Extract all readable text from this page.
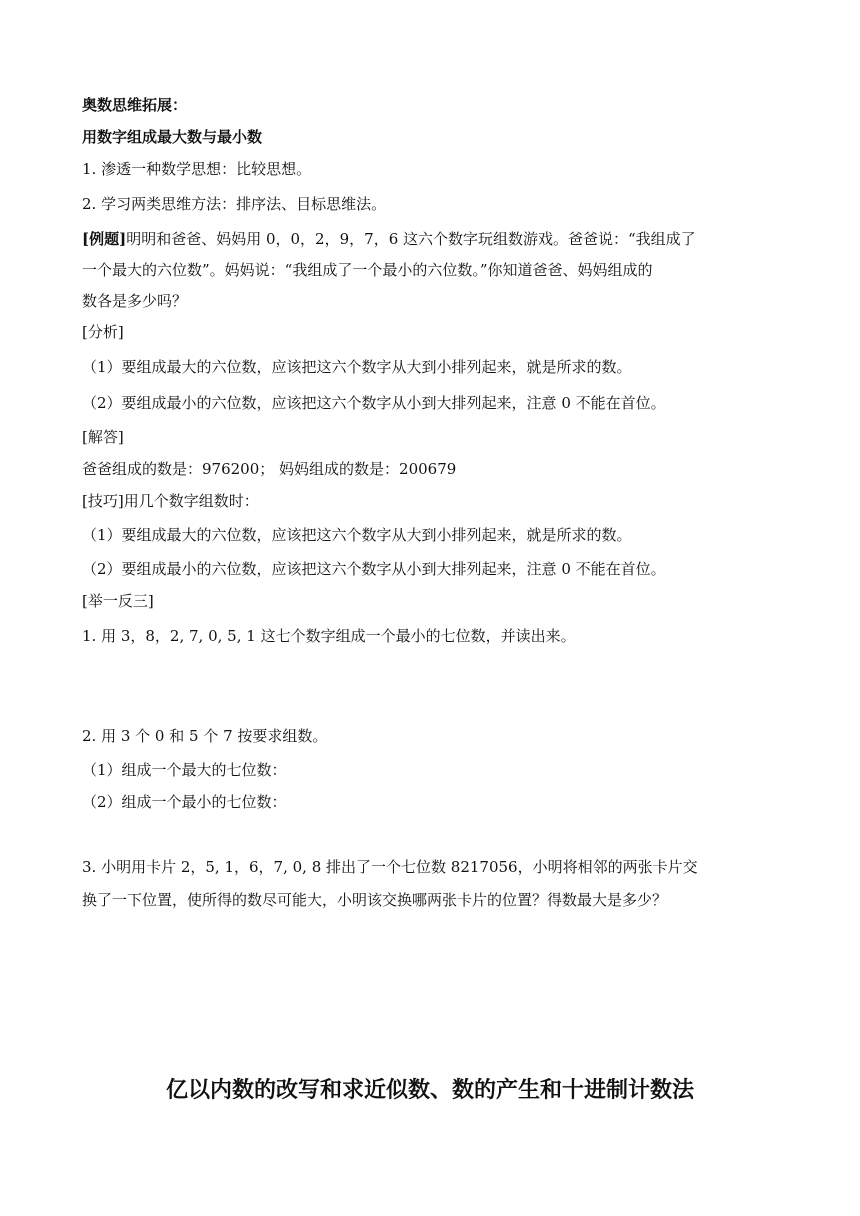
奥数思维拓展：
用数字组成最大数与最小数
1. 渗透一种数学思想：比较思想。
2. 学习两类思维方法：排序法、目标思维法。
[例题]明明和爸爸、妈妈用 0，0，2，9，7，6 这六个数字玩组数游戏。爸爸说：“我组成了
一个最大的六位数”。妈妈说：“我组成了一个最小的六位数。”你知道爸爸、妈妈组成的
数各是多少吗？
[分析]
（1）要组成最大的六位数，应该把这六个数字从大到小排列起来，就是所求的数。
（2）要组成最小的六位数，应该把这六个数字从小到大排列起来，注意 0 不能在首位。
[解答]
爸爸组成的数是：976200； 妈妈组成的数是：200679
[技巧]用几个数字组数时：
（1）要组成最大的六位数，应该把这六个数字从大到小排列起来，就是所求的数。
（2）要组成最小的六位数，应该把这六个数字从小到大排列起来，注意 0 不能在首位。
[举一反三]
1. 用 3，8，2, 7, 0, 5, 1 这七个数字组成一个最小的七位数，并读出来。
2. 用 3 个 0 和 5 个 7 按要求组数。
（1）组成一个最大的七位数：
（2）组成一个最小的七位数：
3. 小明用卡片 2，5, 1，6，7, 0, 8 排出了一个七位数 8217056，小明将相邻的两张卡片交
换了一下位置，使所得的数尽可能大，小明该交换哪两张卡片的位置？得数最大是多少？
亿以内数的改写和求近似数、数的产生和十进制计数法
